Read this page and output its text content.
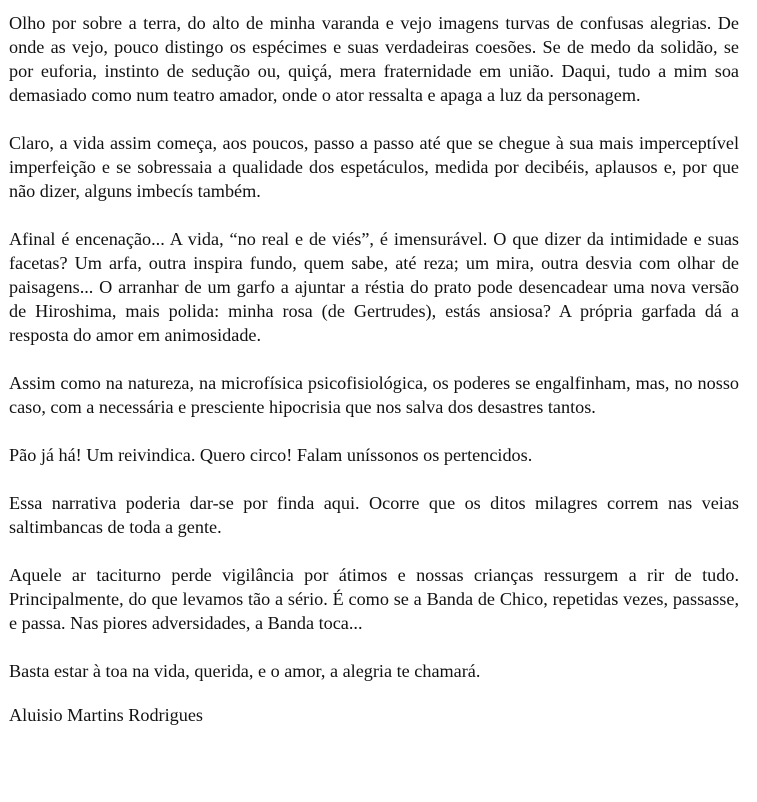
Olho por sobre a terra, do alto de minha varanda e vejo imagens turvas de confusas alegrias. De onde as vejo, pouco distingo os espécimes e suas verdadeiras coesões. Se de medo da solidão, se por euforia, instinto de sedução ou, quiçá, mera fraternidade em união. Daqui, tudo a mim soa demasiado como num teatro amador, onde o ator ressalta e apaga a luz da personagem.

Claro, a vida assim começa, aos poucos, passo a passo até que se chegue à sua mais imperceptível imperfeição e se sobressaia a qualidade dos espetáculos, medida por decibéis, aplausos e, por que não dizer, alguns imbecís também.

Afinal é encenação... A vida, “no real e de viés”, é imensurável. O que dizer da intimidade e suas facetas? Um arfa, outra inspira fundo, quem sabe, até reza; um mira, outra desvia com olhar de paisagens... O arranhar de um garfo a ajuntar a réstia do prato pode desencadear uma nova versão de Hiroshima, mais polida: minha rosa (de Gertrudes), estás ansiosa? A própria garfada dá a resposta do amor em animosidade.

Assim como na natureza, na microfísica psicofisiológica, os poderes se engalfinham, mas, no nosso caso, com a necessária e presciente hipocrisia que nos salva dos desastres tantos.

Pão já há! Um reivindica. Quero circo! Falam uníssonos os pertencidos.

Essa narrativa poderia dar-se por finda aqui. Ocorre que os ditos milagres correm nas veias saltimbancas de toda a gente.

Aquele ar taciturno perde vigilância por átimos e nossas crianças ressurgem a rir de tudo. Principalmente, do que levamos tão a sério. É como se a Banda de Chico, repetidas vezes, passasse, e passa. Nas piores adversidades, a Banda toca...

Basta estar à toa na vida, querida, e o amor, a alegria te chamará.

Aluisio Martins Rodrigues
